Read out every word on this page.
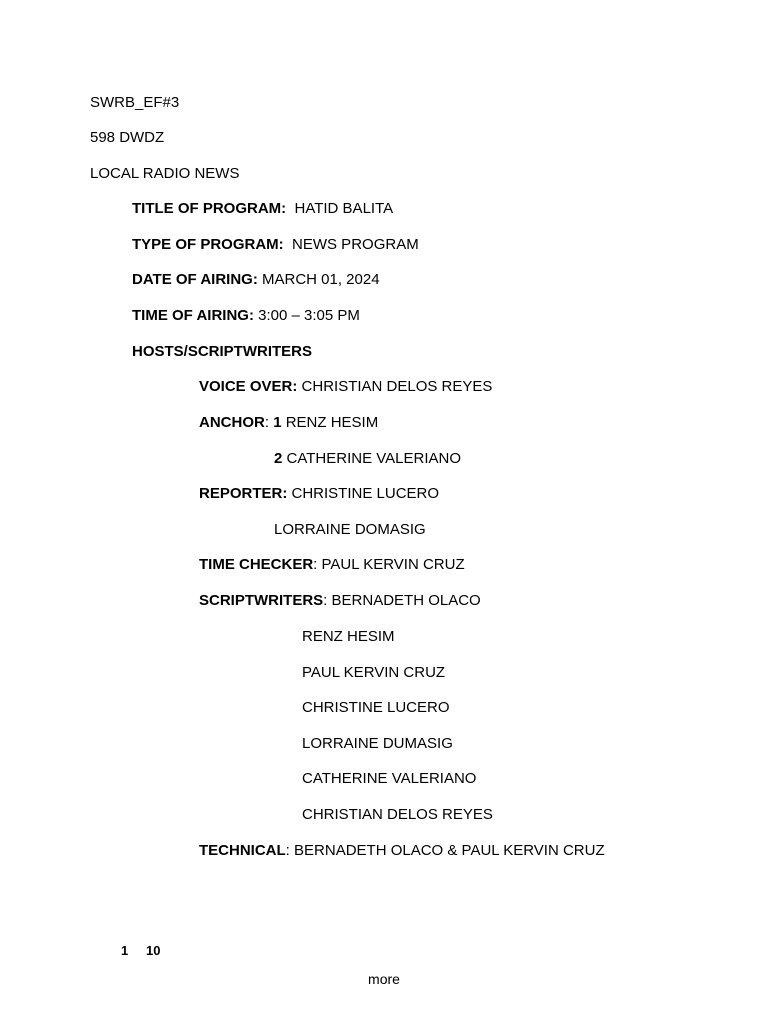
SWRB_EF#3
598 DWDZ
LOCAL RADIO NEWS
TITLE OF PROGRAM: HATID BALITA
TYPE OF PROGRAM: NEWS PROGRAM
DATE OF AIRING: MARCH 01, 2024
TIME OF AIRING: 3:00 – 3:05 PM
HOSTS/SCRIPTWRITERS
VOICE OVER: CHRISTIAN DELOS REYES
ANCHOR: 1 RENZ HESIM
2 CATHERINE VALERIANO
REPORTER: CHRISTINE LUCERO
LORRAINE DOMASIG
TIME CHECKER: PAUL KERVIN CRUZ
SCRIPTWRITERS: BERNADETH OLACO
RENZ HESIM
PAUL KERVIN CRUZ
CHRISTINE LUCERO
LORRAINE DUMASIG
CATHERINE VALERIANO
CHRISTIAN DELOS REYES
TECHNICAL: BERNADETH OLACO & PAUL KERVIN CRUZ
1 10
more
